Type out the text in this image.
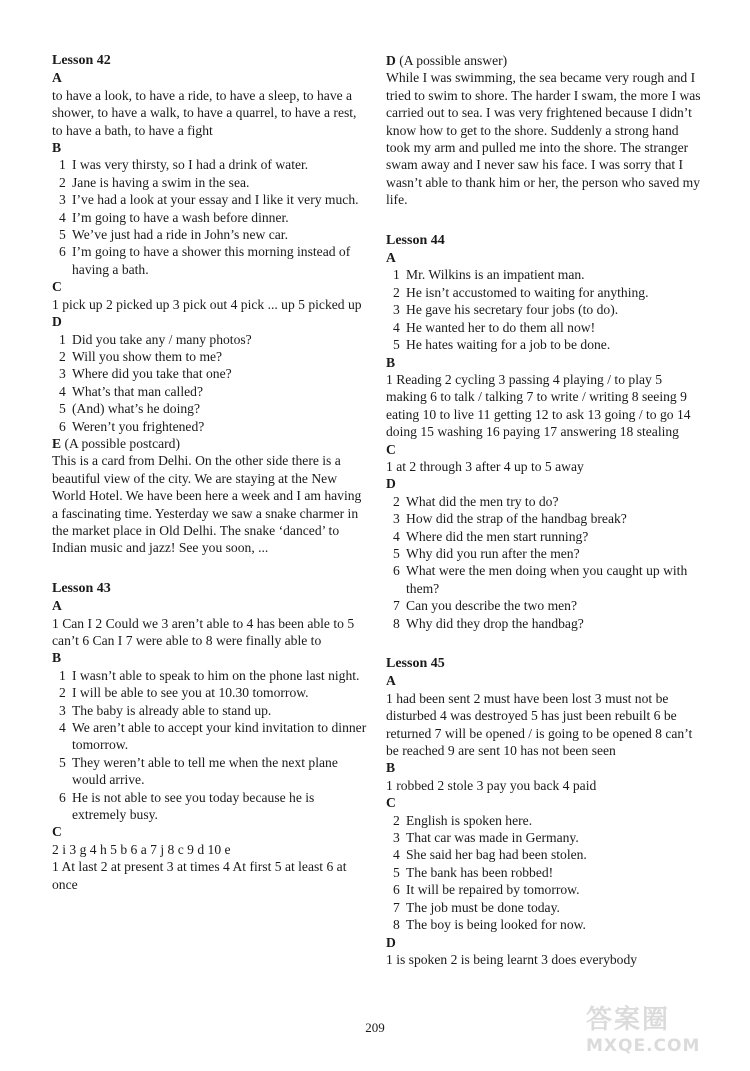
Lesson 42
A
to have a look, to have a ride, to have a sleep, to have a shower, to have a walk, to have a quarrel, to have a rest, to have a bath, to have a fight
B
1 I was very thirsty, so I had a drink of water.
2 Jane is having a swim in the sea.
3 I’ve had a look at your essay and I like it very much.
4 I’m going to have a wash before dinner.
5 We’ve just had a ride in John’s new car.
6 I’m going to have a shower this morning instead of having a bath.
C
1 pick up 2 picked up 3 pick out 4 pick ... up 5 picked up
D
1 Did you take any / many photos?
2 Will you show them to me?
3 Where did you take that one?
4 What’s that man called?
5 (And) what’s he doing?
6 Weren’t you frightened?
E (A possible postcard)
This is a card from Delhi. On the other side there is a beautiful view of the city. We are staying at the New World Hotel. We have been here a week and I am having a fascinating time. Yesterday we saw a snake charmer in the market place in Old Delhi. The snake ‘danced’ to Indian music and jazz! See you soon, ...
Lesson 43
A
1 Can I 2 Could we 3 aren’t able to 4 has been able to 5 can’t 6 Can I 7 were able to 8 were finally able to
B
1 I wasn’t able to speak to him on the phone last night.
2 I will be able to see you at 10.30 tomorrow.
3 The baby is already able to stand up.
4 We aren’t able to accept your kind invitation to dinner tomorrow.
5 They weren’t able to tell me when the next plane would arrive.
6 He is not able to see you today because he is extremely busy.
C
2 i 3 g 4 h 5 b 6 a 7 j 8 c 9 d 10 e
1 At last 2 at present 3 at times 4 At first 5 at least 6 at once
D (A possible answer)
While I was swimming, the sea became very rough and I tried to swim to shore. The harder I swam, the more I was carried out to sea. I was very frightened because I didn’t know how to get to the shore. Suddenly a strong hand took my arm and pulled me into the shore. The stranger swam away and I never saw his face. I was sorry that I wasn’t able to thank him or her, the person who saved my life.
Lesson 44
A
1 Mr. Wilkins is an impatient man.
2 He isn’t accustomed to waiting for anything.
3 He gave his secretary four jobs (to do).
4 He wanted her to do them all now!
5 He hates waiting for a job to be done.
B
1 Reading 2 cycling 3 passing 4 playing / to play 5 making 6 to talk / talking 7 to write / writing 8 seeing 9 eating 10 to live 11 getting 12 to ask 13 going / to go 14 doing 15 washing 16 paying 17 answering 18 stealing
C
1 at 2 through 3 after 4 up to 5 away
D
2 What did the men try to do?
3 How did the strap of the handbag break?
4 Where did the men start running?
5 Why did you run after the men?
6 What were the men doing when you caught up with them?
7 Can you describe the two men?
8 Why did they drop the handbag?
Lesson 45
A
1 had been sent 2 must have been lost 3 must not be disturbed 4 was destroyed 5 has just been rebuilt 6 be returned 7 will be opened / is going to be opened 8 can’t be reached 9 are sent 10 has not been seen
B
1 robbed 2 stole 3 pay you back 4 paid
C
2 English is spoken here.
3 That car was made in Germany.
4 She said her bag had been stolen.
5 The bank has been robbed!
6 It will be repaired by tomorrow.
7 The job must be done today.
8 The boy is being looked for now.
D
1 is spoken 2 is being learnt 3 does everybody
209	答案圈
MXQE.COM
